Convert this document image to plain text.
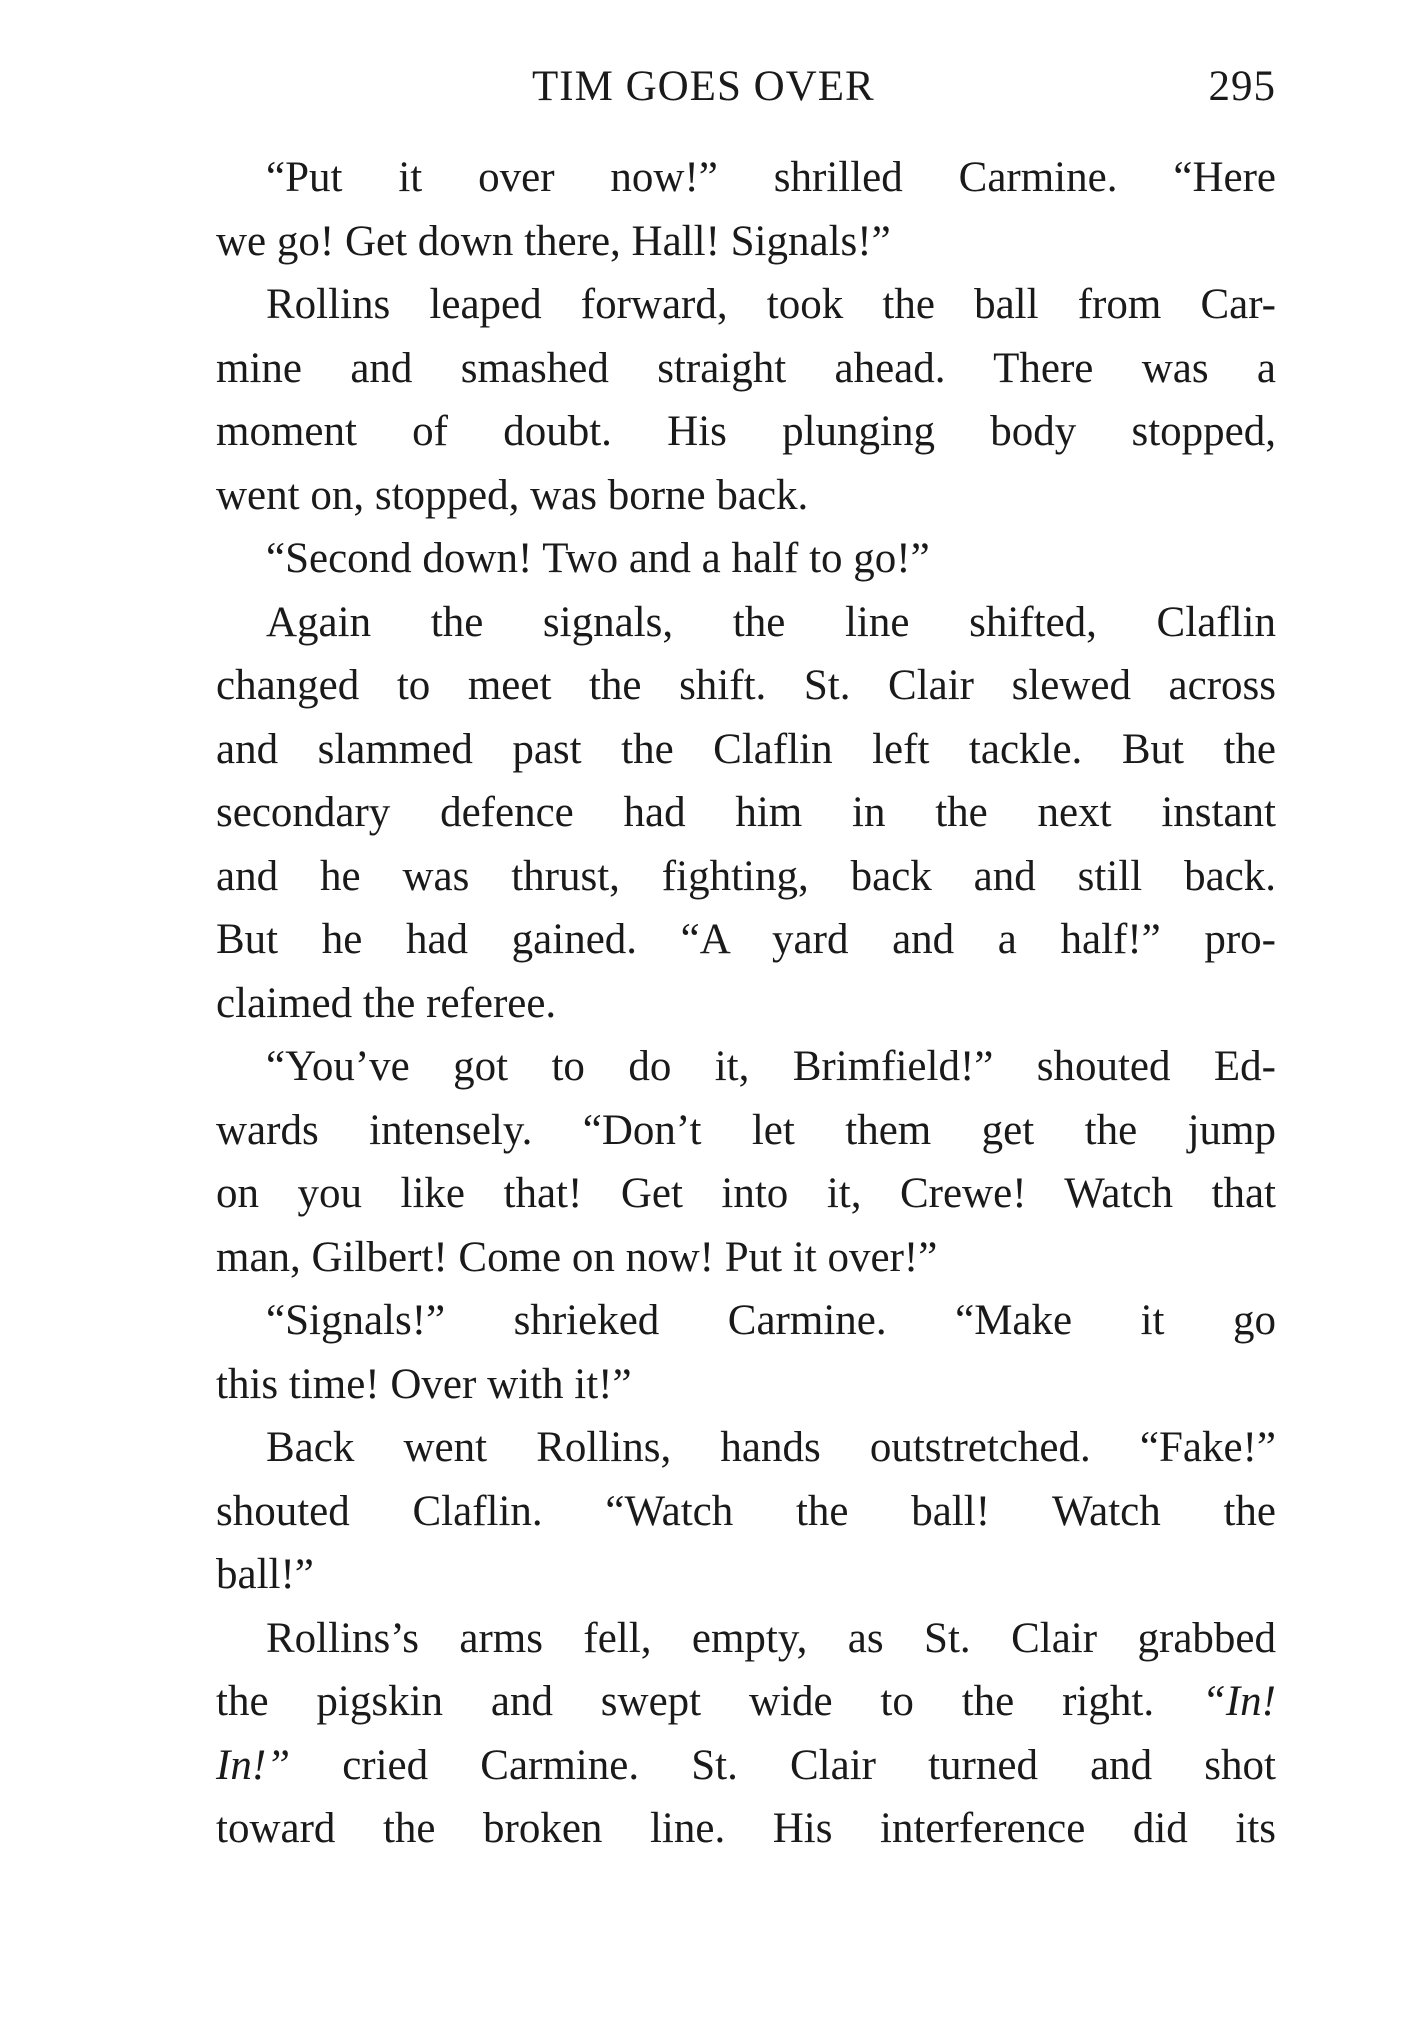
TIM GOES OVER	295
“Put it over now!” shrilled Carmine. “Here
we go! Get down there, Hall! Signals!”
Rollins leaped forward, took the ball from Car-
mine and smashed straight ahead. There was a
moment of doubt. His plunging body stopped,
went on, stopped, was borne back.
“Second down! Two and a half to go!”
Again the signals, the line shifted, Claflin
changed to meet the shift. St. Clair slewed across
and slammed past the Claflin left tackle. But the
secondary defence had him in the next instant
and he was thrust, fighting, back and still back.
But he had gained. “A yard and a half!” pro-
claimed the referee.
“You’ve got to do it, Brimfield!” shouted Ed-
wards intensely. “Don’t let them get the jump
on you like that! Get into it, Crewe! Watch that
man, Gilbert! Come on now! Put it over!”
“Signals!” shrieked Carmine. “Make it go
this time! Over with it!”
Back went Rollins, hands outstretched. “Fake!”
shouted Claflin. “Watch the ball! Watch the
ball!”
Rollins’s arms fell, empty, as St. Clair grabbed
the pigskin and swept wide to the right. “In!
In!” cried Carmine. St. Clair turned and shot
toward the broken line. His interference did its
